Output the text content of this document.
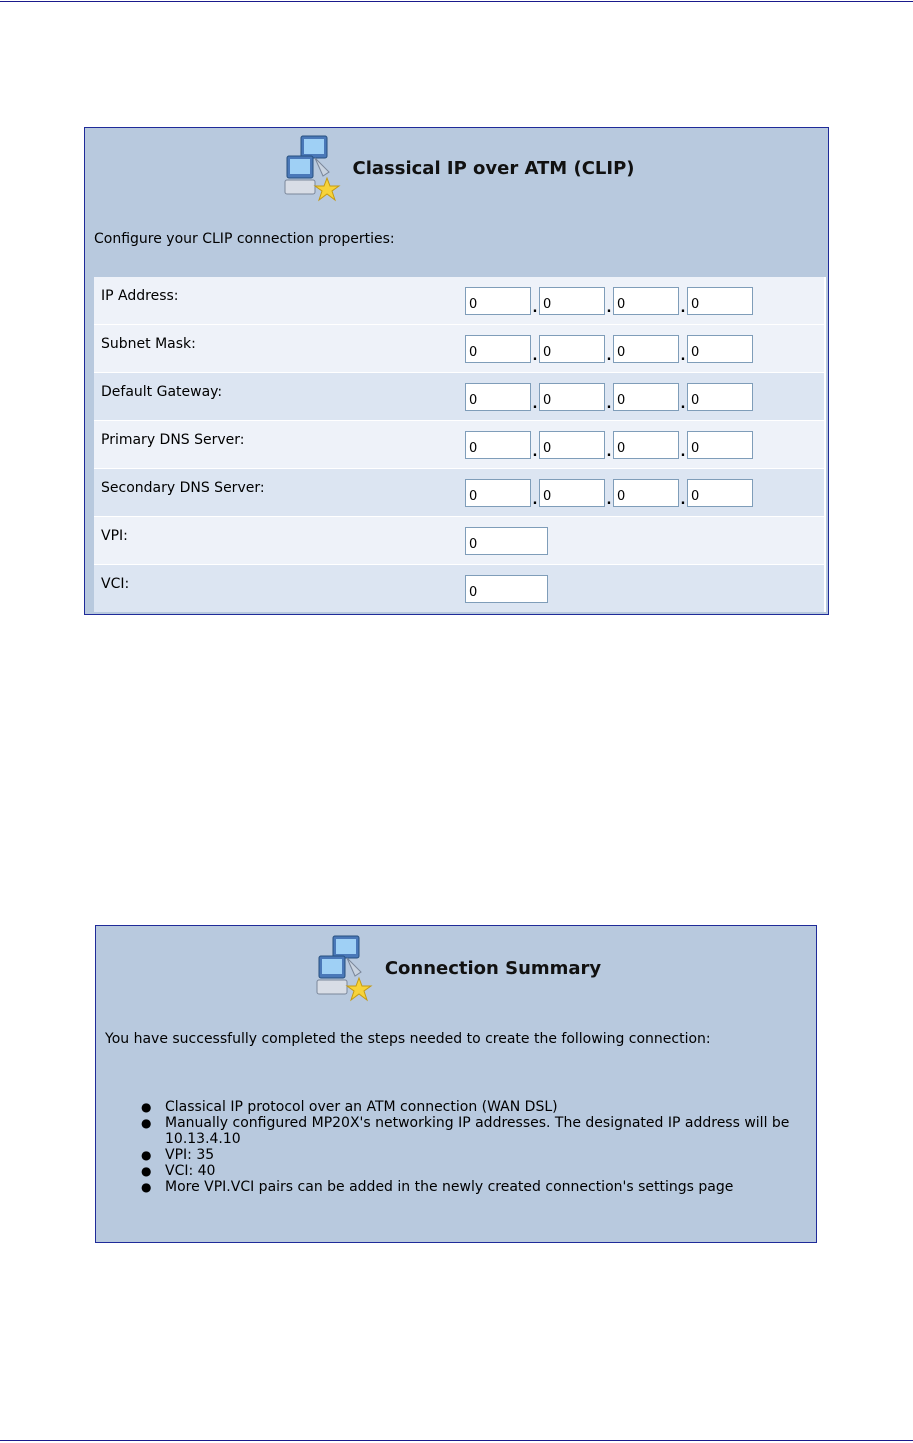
Classical IP over ATM (CLIP)
Configure your CLIP connection properties:
IP Address:
0
.
0	.
0	.
0
Subnet Mask:
0
.
0	.
0	.
0
Default Gateway:
0
.
0	.
0	.
0
Primary DNS Server:
0
.
0	.
0	.
0
Secondary DNS Server:
0
.
0	.
0	.
0
VPI:
0
VCI:
0
Connection Summary
You have successfully completed the steps needed to create the following connection:
● Classical IP protocol over an ATM connection (WAN DSL)
● Manually configured MP20X's networking IP addresses. The designated IP address will be 10.13.4.10
● VPI: 35
● VCI: 40
● More VPI.VCI pairs can be added in the newly created connection's settings page
